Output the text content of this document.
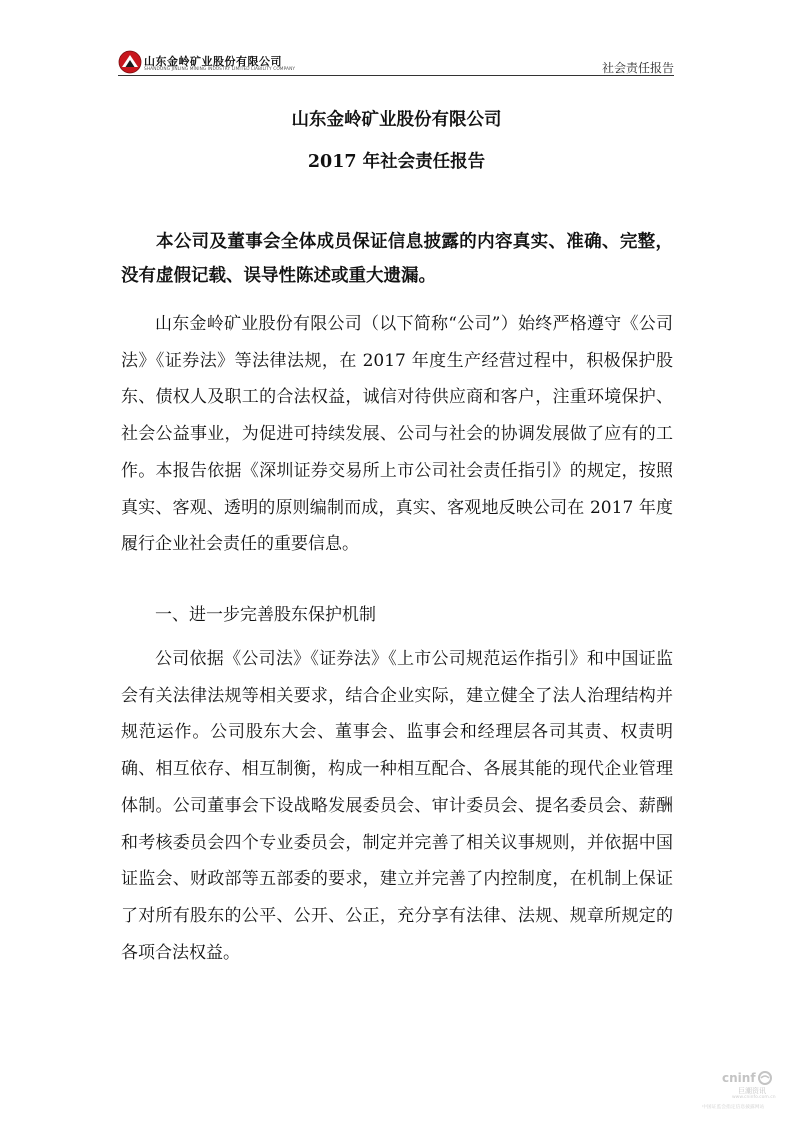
山东金岭矿业股份有限公司
SHANDONG JINLING MINING INDUSTRY LIMITED LIABILITY COMPANY	社会责任报告
山东金岭矿业股份有限公司
2017 年社会责任报告

本公司及董事会全体成员保证信息披露的内容真实、准确、完整，没有虚假记载、误导性陈述或重大遗漏。

山东金岭矿业股份有限公司（以下简称“公司”）始终严格遵守《公司法》《证券法》等法律法规，在 2017 年度生产经营过程中，积极保护股东、债权人及职工的合法权益，诚信对待供应商和客户，注重环境保护、社会公益事业，为促进可持续发展、公司与社会的协调发展做了应有的工作。本报告依据《深圳证券交易所上市公司社会责任指引》的规定，按照真实、客观、透明的原则编制而成，真实、客观地反映公司在 2017 年度履行企业社会责任的重要信息。

一、进一步完善股东保护机制

公司依据《公司法》《证券法》《上市公司规范运作指引》和中国证监会有关法律法规等相关要求，结合企业实际，建立健全了法人治理结构并规范运作。公司股东大会、董事会、监事会和经理层各司其责、权责明确、相互依存、相互制衡，构成一种相互配合、各展其能的现代企业管理体制。公司董事会下设战略发展委员会、审计委员会、提名委员会、薪酬和考核委员会四个专业委员会，制定并完善了相关议事规则，并依据中国证监会、财政部等五部委的要求，建立并完善了内控制度，在机制上保证了对所有股东的公平、公开、公正，充分享有法律、法规、规章所规定的各项合法权益。

cninf
巨潮资讯
www.cninfo.com.cn
中国证监会指定信息披露网站
